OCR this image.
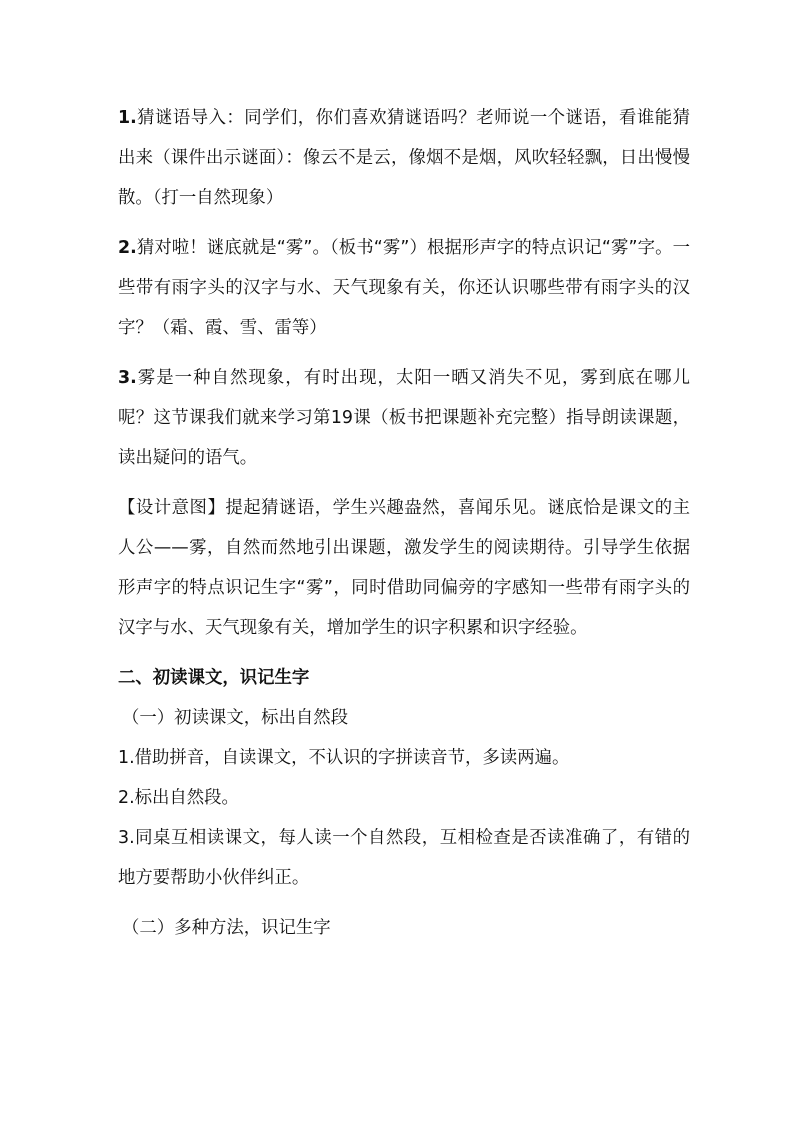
1.猜谜语导入：同学们，你们喜欢猜谜语吗？老师说一个谜语，看谁能猜出来（课件出示谜面）：像云不是云，像烟不是烟，风吹轻轻飘，日出慢慢散。（打一自然现象）

2.猜对啦！谜底就是“雾”。（板书“雾”）根据形声字的特点识记“雾”字。一些带有雨字头的汉字与水、天气现象有关，你还认识哪些带有雨字头的汉字？（霜、霞、雪、雷等）

3.雾是一种自然现象，有时出现，太阳一晒又消失不见，雾到底在哪儿呢？这节课我们就来学习第19课（板书把课题补充完整）指导朗读课题，读出疑问的语气。

【设计意图】提起猜谜语，学生兴趣盎然，喜闻乐见。谜底恰是课文的主人公——雾，自然而然地引出课题，激发学生的阅读期待。引导学生依据形声字的特点识记生字“雾”，同时借助同偏旁的字感知一些带有雨字头的汉字与水、天气现象有关，增加学生的识字积累和识字经验。

二、初读课文，识记生字

（一）初读课文，标出自然段

1.借助拼音，自读课文，不认识的字拼读音节，多读两遍。

2.标出自然段。

3.同桌互相读课文，每人读一个自然段，互相检查是否读准确了，有错的地方要帮助小伙伴纠正。

（二）多种方法，识记生字
